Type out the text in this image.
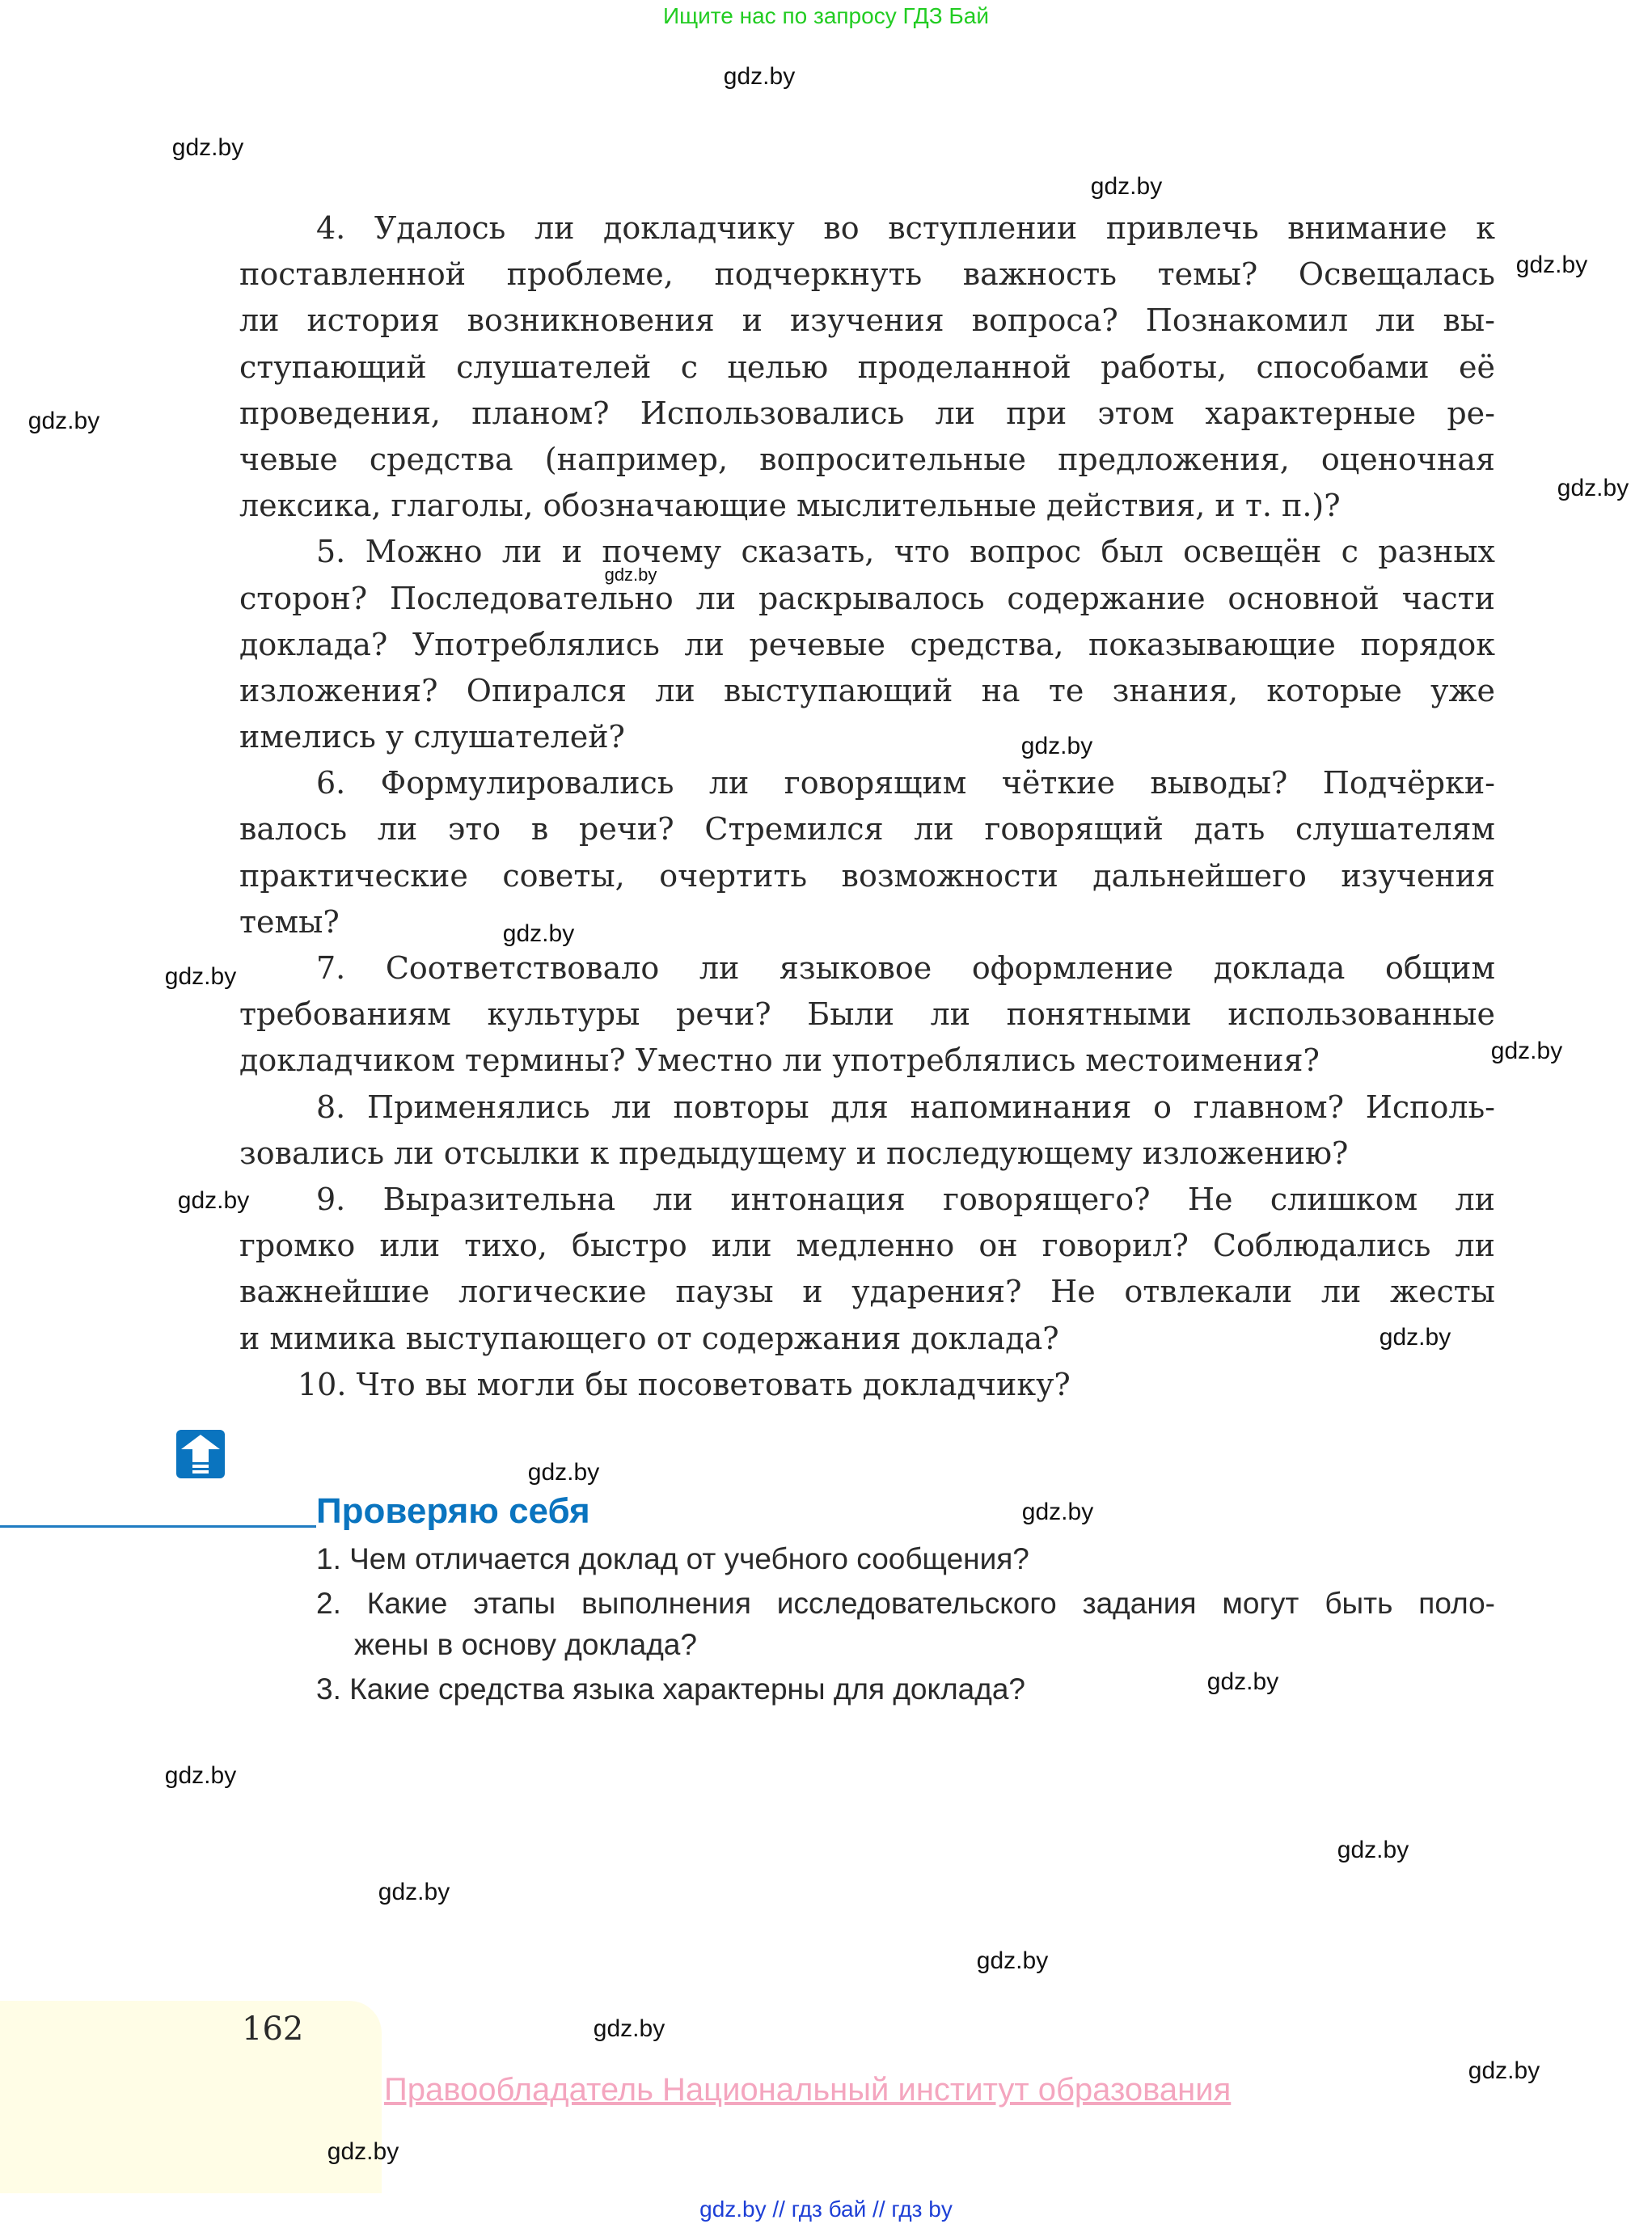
Ищите нас по запросу ГДЗ Бай
4. Удалось ли докладчику во вступлении привлечь внимание к
поставленной проблеме, подчеркнуть важность темы? Освещалась
ли история возникновения и изучения вопроса? Познакомил ли вы-
ступающий слушателей с целью проделанной работы, способами её
проведения, планом? Использовались ли при этом характерные ре-
чевые средства (например, вопросительные предложения, оценочная
лексика, глаголы, обозначающие мыслительные действия, и т. п.)?
5. Можно ли и почему сказать, что вопрос был освещён с разных
сторон? Последовательно ли раскрывалось содержание основной части
доклада? Употреблялись ли речевые средства, показывающие порядок
изложения? Опирался ли выступающий на те знания, которые уже
имелись у слушателей?
6. Формулировались ли говорящим чёткие выводы? Подчёрки-
валось ли это в речи? Стремился ли говорящий дать слушателям
практические советы, очертить возможности дальнейшего изучения
темы?
7. Соответствовало ли языковое оформление доклада общим
требованиям культуры речи? Были ли понятными использованные
докладчиком термины? Уместно ли употреблялись местоимения?
8. Применялись ли повторы для напоминания о главном? Исполь-
зовались ли отсылки к предыдущему и последующему изложению?
9. Выразительна ли интонация говорящего? Не слишком ли
громко или тихо, быстро или медленно он говорил? Соблюдались ли
важнейшие логические паузы и ударения? Не отвлекали ли жесты
и мимика выступающего от содержания доклада?
10. Что вы могли бы посоветовать докладчику?
Проверяю себя
1. Чем отличается доклад от учебного сообщения?
2. Какие этапы выполнения исследовательского задания могут быть поло-
жены в основу доклада?
3. Какие средства языка характерны для доклада?
162
Правообладатель Национальный институт образования
gdz.by // гдз бай // гдз by
gdz.by
gdz.by
gdz.by
gdz.by
gdz.by
gdz.by
gdz.by
gdz.by
gdz.by
gdz.by
gdz.by
gdz.by
gdz.by
gdz.by
gdz.by
gdz.by
gdz.by
gdz.by
gdz.by
gdz.by
gdz.by
gdz.by
gdz.by
